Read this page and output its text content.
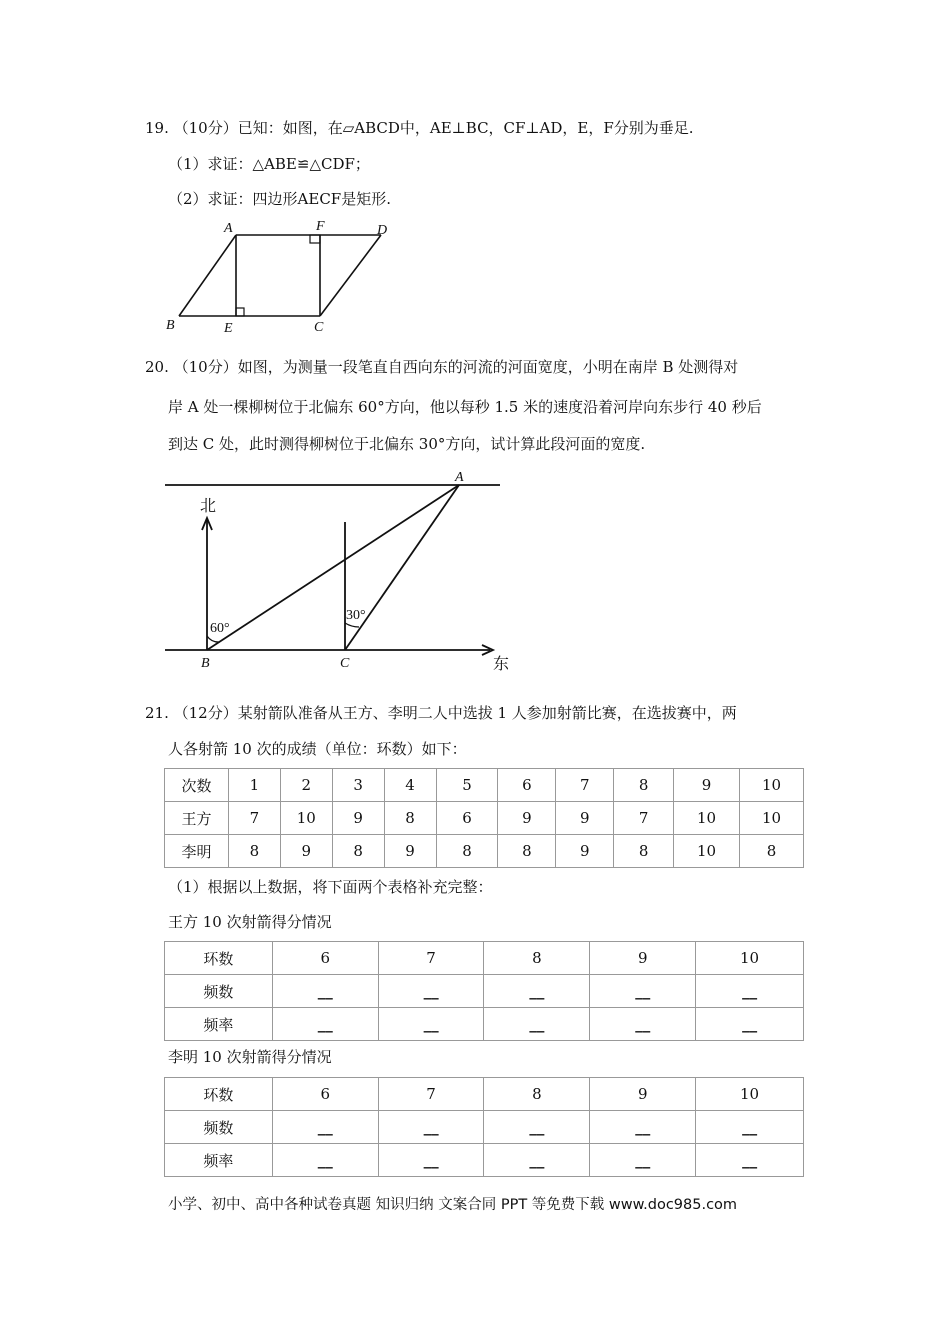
19. （10分）已知：如图，在▱ABCD中，AE⊥BC，CF⊥AD，E，F分别为垂足.
（1）求证：△ABE≌△CDF；
（2）求证：四边形AECF是矩形.
A	F	D
B	E	C
20. （10分）如图，为测量一段笔直自西向东的河流的河面宽度，小明在南岸 B 处测得对
岸 A 处一棵柳树位于北偏东 60°方向，他以每秒 1.5 米的速度沿着河岸向东步行 40 秒后
到达 C 处，此时测得柳树位于北偏东 30°方向，试计算此段河面的宽度.
北
东
A
B	C
60°
30°
21. （12分）某射箭队准备从王方、李明二人中选拔 1 人参加射箭比赛，在选拔赛中，两
人各射箭 10 次的成绩（单位：环数）如下：
次数	1	2	3	4	5	6	7	8	9	10
王方	7	10	9	8	6	9	9	7	10	10
李明	8	9	8	9	8	8	9	8	10	8
（1）根据以上数据，将下面两个表格补充完整：
王方 10 次射箭得分情况
环数	6	7	8	9	10
频数	__	__	__	__	__
频率	__	__	__	__	__
李明 10 次射箭得分情况
环数	6	7	8	9	10
频数	__	__	__	__	__
频率	__	__	__	__	__
小学、初中、高中各种试卷真题 知识归纳 文案合同 PPT 等免费下载 www.doc985.com
